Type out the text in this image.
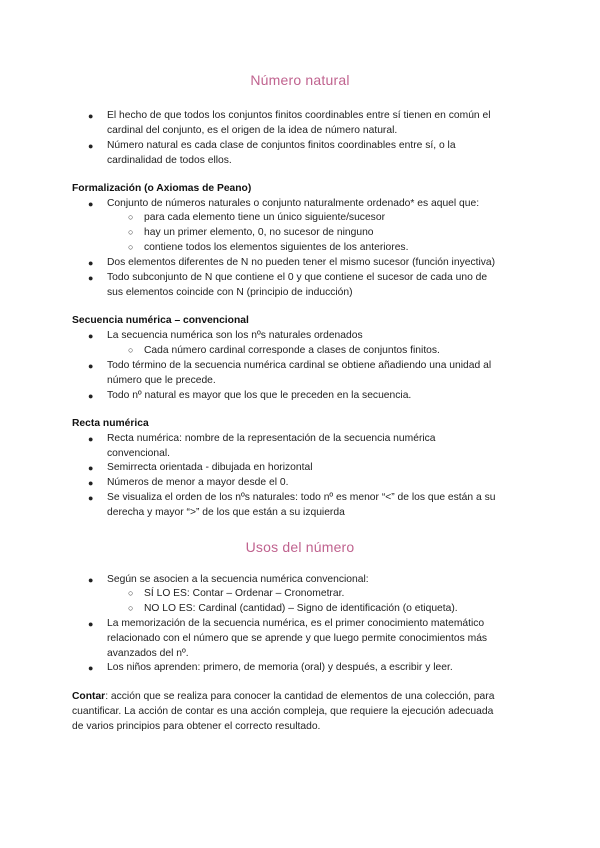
Número natural
● El hecho de que todos los conjuntos finitos coordinables entre sí tienen en común el
cardinal del conjunto, es el origen de la idea de número natural.
● Número natural es cada clase de conjuntos finitos coordinables entre sí, o la
cardinalidad de todos ellos.
Formalización (o Axiomas de Peano)
● Conjunto de números naturales o conjunto naturalmente ordenado* es aquel que:
○ para cada elemento tiene un único siguiente/sucesor
○ hay un primer elemento, 0, no sucesor de ninguno
○ contiene todos los elementos siguientes de los anteriores.
● Dos elementos diferentes de N no pueden tener el mismo sucesor (función inyectiva)
● Todo subconjunto de N que contiene el 0 y que contiene el sucesor de cada uno de
sus elementos coincide con N (principio de inducción)
Secuencia numérica – convencional
● La secuencia numérica son los nºs naturales ordenados
○ Cada número cardinal corresponde a clases de conjuntos finitos.
● Todo término de la secuencia numérica cardinal se obtiene añadiendo una unidad al
número que le precede.
● Todo nº natural es mayor que los que le preceden en la secuencia.
Recta numérica
● Recta numérica: nombre de la representación de la secuencia numérica
convencional.
● Semirrecta orientada - dibujada en horizontal
● Números de menor a mayor desde el 0.
● Se visualiza el orden de los nºs naturales: todo nº es menor “<” de los que están a su
derecha y mayor “>” de los que están a su izquierda
Usos del número
● Según se asocien a la secuencia numérica convencional:
○ SÍ LO ES: Contar – Ordenar – Cronometrar.
○ NO LO ES: Cardinal (cantidad) – Signo de identificación (o etiqueta).
● La memorización de la secuencia numérica, es el primer conocimiento matemático
relacionado con el número que se aprende y que luego permite conocimientos más
avanzados del nº.
● Los niños aprenden: primero, de memoria (oral) y después, a escribir y leer.
Contar: acción que se realiza para conocer la cantidad de elementos de una colección, para
cuantificar. La acción de contar es una acción compleja, que requiere la ejecución adecuada
de varios principios para obtener el correcto resultado.
